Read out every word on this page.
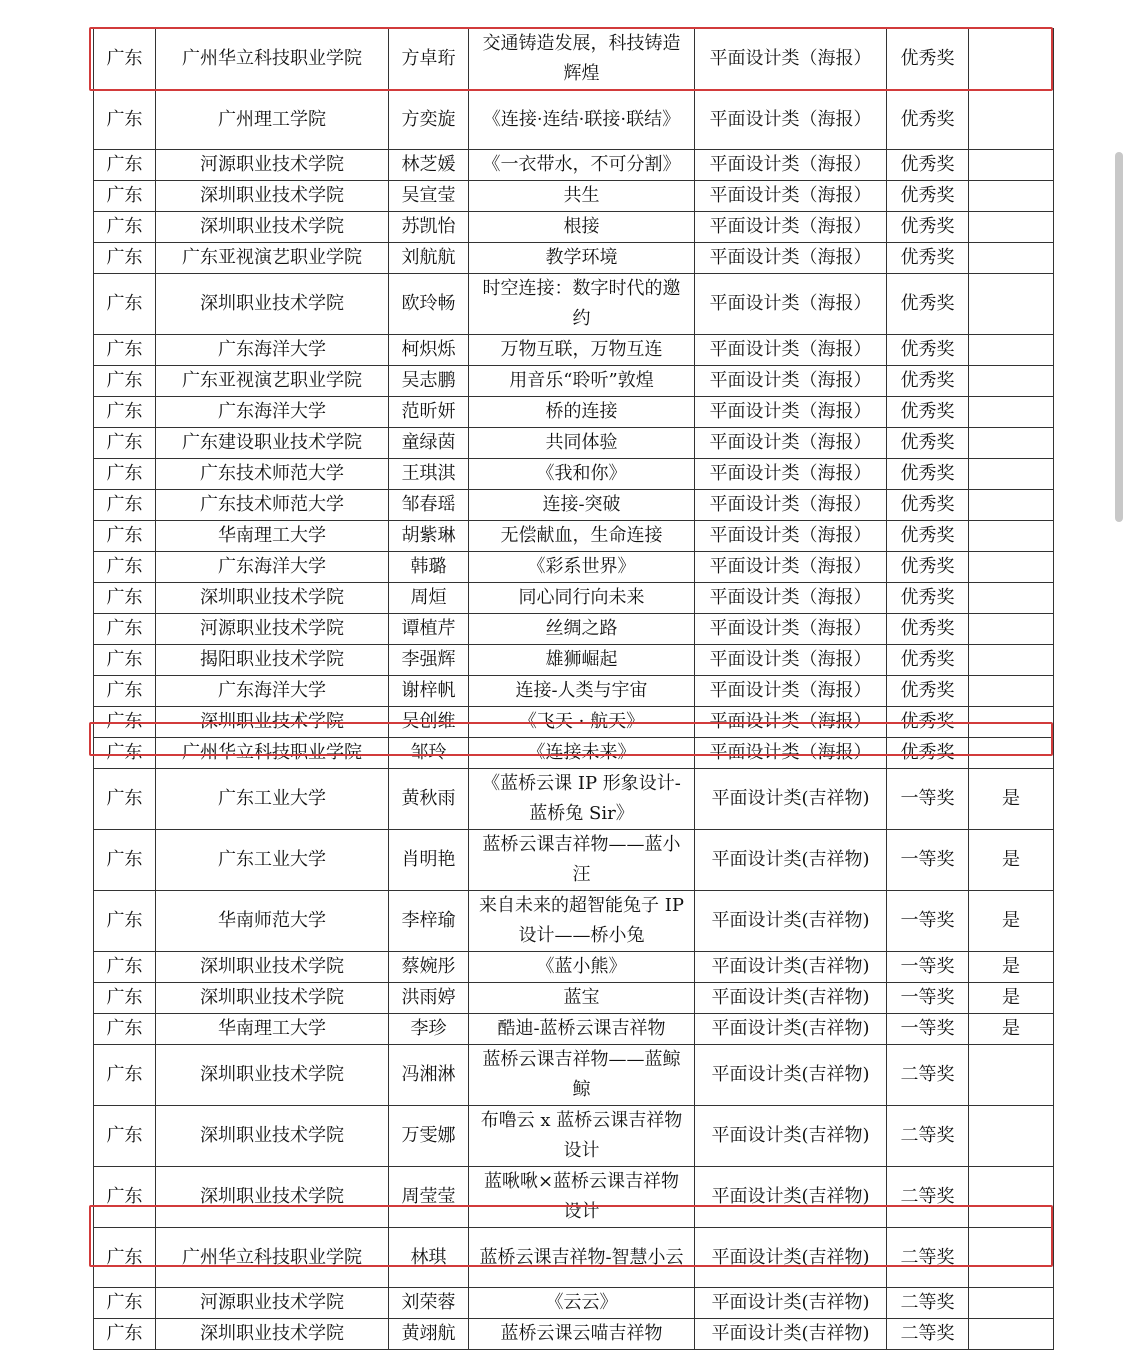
广东	广州华立科技职业学院	方卓珩	交通铸造发展，科技铸造辉煌	平面设计类（海报）	优秀奖	
广东	广州理工学院	方奕旋	《连接·连结·联接·联结》	平面设计类（海报）	优秀奖	
广东	河源职业技术学院	林芝媛	《一衣带水，不可分割》	平面设计类（海报）	优秀奖	
广东	深圳职业技术学院	吴宣莹	共生	平面设计类（海报）	优秀奖	
广东	深圳职业技术学院	苏凯怡	根接	平面设计类（海报）	优秀奖	
广东	广东亚视演艺职业学院	刘航航	教学环境	平面设计类（海报）	优秀奖	
广东	深圳职业技术学院	欧玲畅	时空连接：数字时代的邀约	平面设计类（海报）	优秀奖	
广东	广东海洋大学	柯炽烁	万物互联，万物互连	平面设计类（海报）	优秀奖	
广东	广东亚视演艺职业学院	吴志鹏	用音乐“聆听”敦煌	平面设计类（海报）	优秀奖	
广东	广东海洋大学	范昕妍	桥的连接	平面设计类（海报）	优秀奖	
广东	广东建设职业技术学院	童绿茵	共同体验	平面设计类（海报）	优秀奖	
广东	广东技术师范大学	王琪淇	《我和你》	平面设计类（海报）	优秀奖	
广东	广东技术师范大学	邹春瑶	连接-突破	平面设计类（海报）	优秀奖	
广东	华南理工大学	胡紫琳	无偿献血，生命连接	平面设计类（海报）	优秀奖	
广东	广东海洋大学	韩璐	《彩系世界》	平面设计类（海报）	优秀奖	
广东	深圳职业技术学院	周烜	同心同行向未来	平面设计类（海报）	优秀奖	
广东	河源职业技术学院	谭植芹	丝绸之路	平面设计类（海报）	优秀奖	
广东	揭阳职业技术学院	李强辉	雄狮崛起	平面设计类（海报）	优秀奖	
广东	广东海洋大学	谢梓帆	连接-人类与宇宙	平面设计类（海报）	优秀奖	
广东	深圳职业技术学院	吴创维	《飞天 · 航天》	平面设计类（海报）	优秀奖	
广东	广州华立科技职业学院	邹玲	《连接未来》	平面设计类（海报）	优秀奖	
广东	广东工业大学	黄秋雨	《蓝桥云课 IP 形象设计-蓝桥兔 Sir》	平面设计类(吉祥物)	一等奖	是
广东	广东工业大学	肖明艳	蓝桥云课吉祥物——蓝小汪	平面设计类(吉祥物)	一等奖	是
广东	华南师范大学	李梓瑜	来自未来的超智能兔子 IP 设计——桥小兔	平面设计类(吉祥物)	一等奖	是
广东	深圳职业技术学院	蔡婉彤	《蓝小熊》	平面设计类(吉祥物)	一等奖	是
广东	深圳职业技术学院	洪雨婷	蓝宝	平面设计类(吉祥物)	一等奖	是
广东	华南理工大学	李珍	酷迪-蓝桥云课吉祥物	平面设计类(吉祥物)	一等奖	是
广东	深圳职业技术学院	冯湘淋	蓝桥云课吉祥物——蓝鲸鲸	平面设计类(吉祥物)	二等奖	
广东	深圳职业技术学院	万雯娜	布噜云 x 蓝桥云课吉祥物设计	平面设计类(吉祥物)	二等奖	
广东	深圳职业技术学院	周莹莹	蓝啾啾×蓝桥云课吉祥物设计	平面设计类(吉祥物)	二等奖	
广东	广州华立科技职业学院	林琪	蓝桥云课吉祥物-智慧小云	平面设计类(吉祥物)	二等奖	
广东	河源职业技术学院	刘荣蓉	《云云》	平面设计类(吉祥物)	二等奖	
广东	深圳职业技术学院	黄翊航	蓝桥云课云喵吉祥物	平面设计类(吉祥物)	二等奖	
